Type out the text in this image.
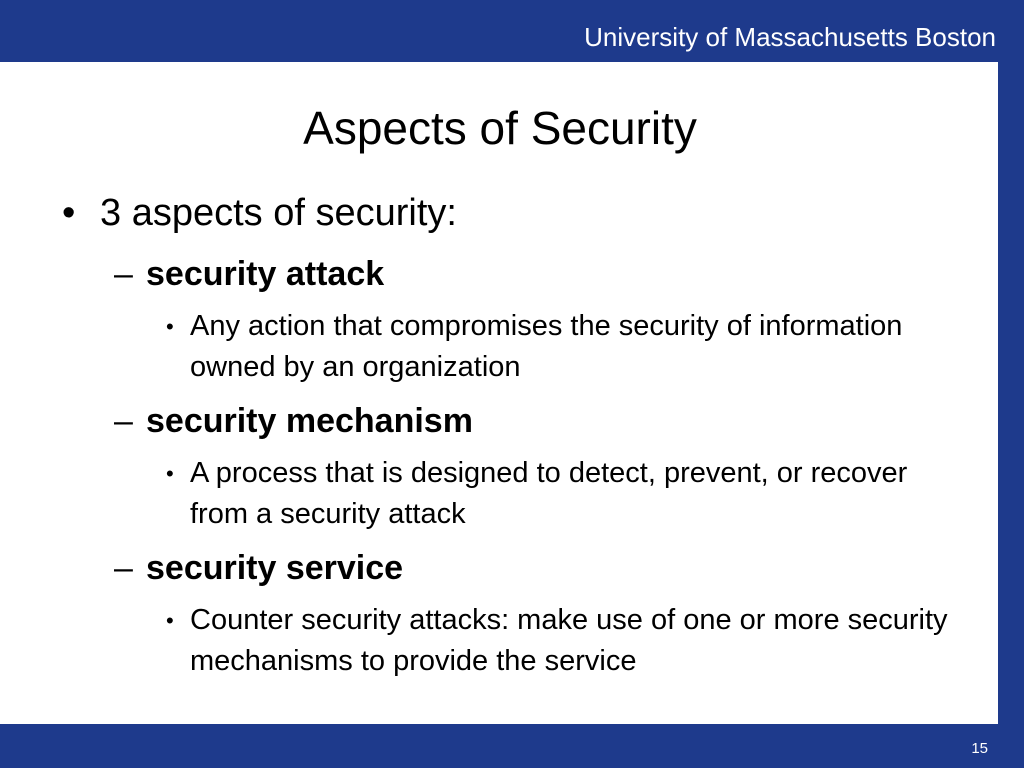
University of Massachusetts Boston
15
Aspects of Security
• 3 aspects of security:
– security attack
• Any action that compromises the security of information owned by an organization
– security mechanism
• A process that is designed to detect, prevent, or recover from a security attack
– security service
• Counter security attacks: make use of one or more security mechanisms to provide the service
